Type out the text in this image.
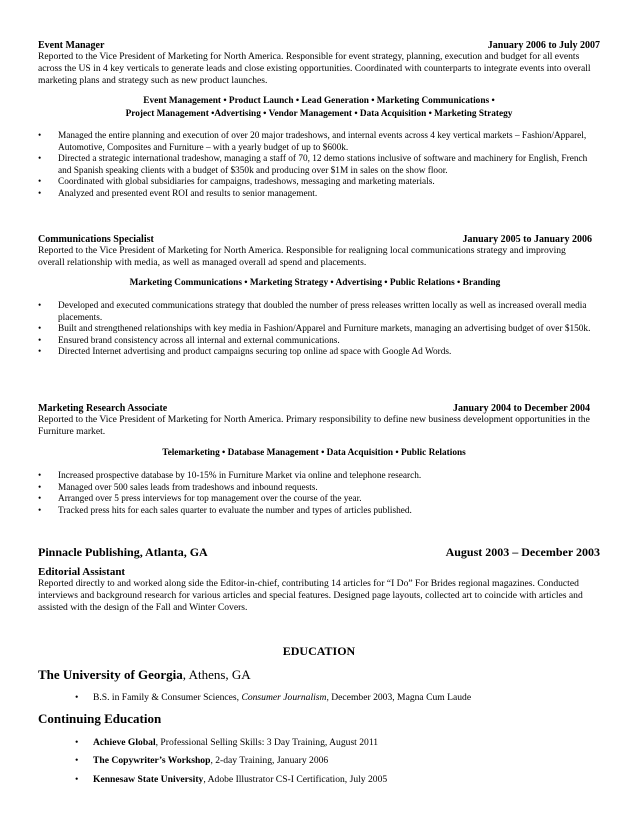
Event Manager	January 2006 to July 2007

Reported to the Vice President of Marketing for North America. Responsible for event strategy, planning, execution and budget for all events across the US in 4 key verticals to generate leads and close existing opportunities. Coordinated with counterparts to integrate events into overall marketing plans and strategy such as new product launches.

Event Management • Product Launch • Lead Generation • Marketing Communications •

Project Management •Advertising • Vendor Management • Data Acquisition • Marketing Strategy

• Managed the entire planning and execution of over 20 major tradeshows, and internal events across 4 key vertical markets – Fashion/Apparel, Automotive, Composites and Furniture – with a yearly budget of up to $600k.
• Directed a strategic international tradeshow, managing a staff of 70, 12 demo stations inclusive of software and machinery for English, French and Spanish speaking clients with a budget of $350k and producing over $1M in sales on the show floor.
• Coordinated with global subsidiaries for campaigns, tradeshows, messaging and marketing materials.
• Analyzed and presented event ROI and results to senior management.
Communications Specialist	January 2005 to January 2006

Reported to the Vice President of Marketing for North America. Responsible for realigning local communications strategy and improving overall relationship with media, as well as managed overall ad spend and placements.

Marketing Communications • Marketing Strategy • Advertising • Public Relations • Branding

• Developed and executed communications strategy that doubled the number of press releases written locally as well as increased overall media placements.
• Built and strengthened relationships with key media in Fashion/Apparel and Furniture markets, managing an advertising budget of over $150k.
• Ensured brand consistency across all internal and external communications.
• Directed Internet advertising and product campaigns securing top online ad space with Google Ad Words.
Marketing Research Associate	January 2004 to December 2004

Reported to the Vice President of Marketing for North America. Primary responsibility to define new business development opportunities in the Furniture market.

Telemarketing • Database Management • Data Acquisition • Public Relations

• Increased prospective database by 10-15% in Furniture Market via online and telephone research.
• Managed over 500 sales leads from tradeshows and inbound requests.
• Arranged over 5 press interviews for top management over the course of the year.
• Tracked press hits for each sales quarter to evaluate the number and types of articles published.
Pinnacle Publishing, Atlanta, GA	August 2003 – December 2003
Editorial Assistant

Reported directly to and worked along side the Editor-in-chief, contributing 14 articles for “I Do” For Brides regional magazines. Conducted interviews and background research for various articles and special features. Designed page layouts, collected art to coincide with articles and assisted with the design of the Fall and Winter Covers.

EDUCATION
The University of Georgia, Athens, GA
• B.S. in Family & Consumer Sciences, Consumer Journalism, December 2003, Magna Cum Laude
Continuing Education
• Achieve Global, Professional Selling Skills: 3 Day Training, August 2011
• The Copywriter’s Workshop, 2-day Training, January 2006
• Kennesaw State University, Adobe Illustrator CS-I Certification, July 2005
